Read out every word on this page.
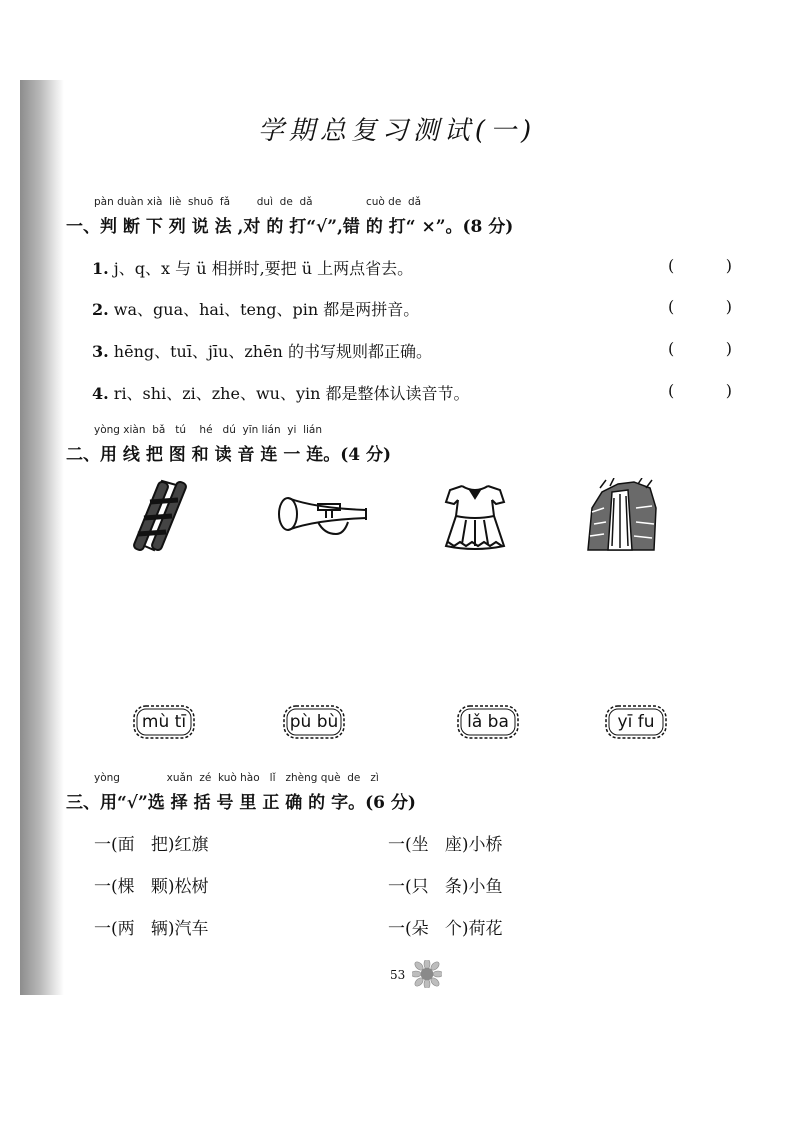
学期总复习测试(一)
pàn duàn xià  liè  shuō  fǎ        duì  de  dǎ                cuò de  dǎ
一、判 断 下 列 说 法 ,对 的 打“√”,错 的 打“ ×”。(8 分)
1. j、q、x 与 ü 相拼时,要把 ü 上两点省去。	(	)
2. wa、gua、hai、teng、pin 都是两拼音。	(	)
3. hēng、tuī、jīu、zhēn 的书写规则都正确。	(	)
4. ri、shi、zi、zhe、wu、yin 都是整体认读音节。	(	)
yòng xiàn  bǎ   tú    hé   dú  yīn lián  yi  lián
二、用 线 把 图 和 读 音 连 一 连。(4 分)
mù tī	pù bù	lǎ ba	yī fu
yòng              xuǎn  zé  kuò hào   lǐ   zhèng què  de   zì
三、用“√”选 择 括 号 里 正 确 的 字。(6 分)
一(面   把)红旗	一(坐   座)小桥
一(棵   颗)松树	一(只   条)小鱼
一(两   辆)汽车	一(朵   个)荷花
53
